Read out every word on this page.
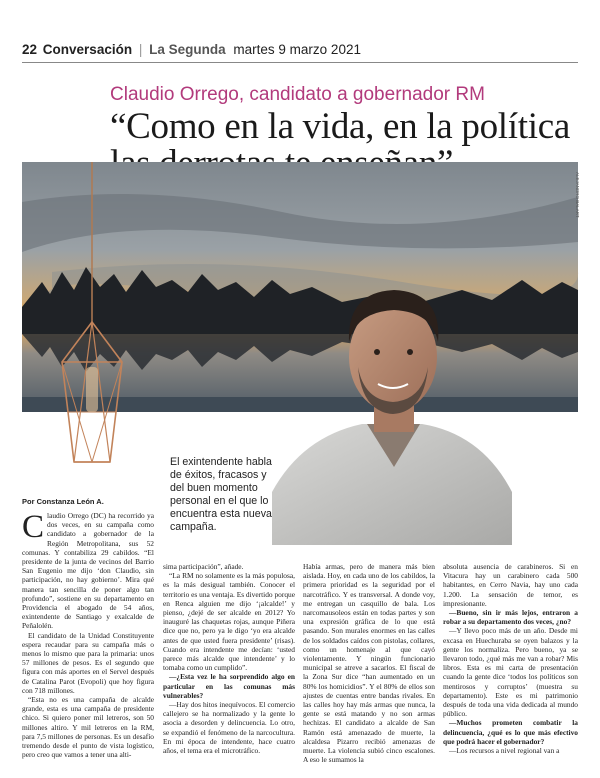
22 Conversación | La Segunda martes 9 marzo 2021
Claudio Orrego, candidato a gobernador RM
“Como en la vida, en la política
ALEJANDRO BALART
El exintendente habla de éxitos, fracasos y del buen momento personal en el que lo encuentra esta nueva campaña.
Por Constanza León A.
C laudio Orrego (DC) ha recorrido ya dos veces, en su campaña como candidato a gobernador de la Región Metropolitana, sus 52 comunas. Y contabiliza 29 cabildos. “El presidente de la junta de vecinos del Barrio San Eugenio me dijo ‘don Claudio, sin participación, no hay gobierno’. Mira qué manera tan sencilla de poner algo tan profundo”, sostiene en su departamento en Providencia el abogado de 54 años, exintendente de Santiago y exalcalde de Peñalolén.

El candidato de la Unidad Constituyente espera recaudar para su campaña más o menos lo mismo que para la primaria: unos 57 millones de pesos. Es el segundo que figura con más aportes en el Servel después de Catalina Parot (Evopoli) que hoy figura con 718 millones.

“Esta no es una campaña de alcalde grande, esta es una campaña de presidente chico. Si quiero poner mil letreros, son 50 millones altiro. Y mil letreros en la RM, para 7,5 millones de personas. Es un desafío tremendo desde el punto de vista logístico, pero creo que vamos a tener una alti-

sima participación”, añade.

“La RM no solamente es la más populosa, es la más desigual también. Conocer el territorio es una ventaja. Es divertido porque en Renca alguien me dijo ‘¡alcalde!’ y pienso, ¿dejé de ser alcalde en 2012? Yo inauguré las chaquetas rojas, aunque Piñera dice que no, pero ya le digo ‘yo era alcalde antes de que usted fuera presidente’ (risas). Cuando era intendente me decían: ‘usted parece más alcalde que intendente’ y lo tomaba como un cumplido”.

—¿Esta vez le ha sorprendido algo en particular en las comunas más vulnerables?

—Hay dos hitos inequívocos. El comercio callejero se ha normalizado y la gente lo asocia a desorden y delincuencia. Lo otro, se expandió el fenómeno de la narcocultura. En mi época de intendente, hace cuatro años, el tema era el microtráfico.

Había armas, pero de manera más bien aislada. Hoy, en cada uno de los cabildos, la primera prioridad es la seguridad por el narcotráfico. Y es transversal. A donde voy, me entregan un casquillo de bala. Los narcomausoleos están en todas partes y son una expresión gráfica de lo que está pasando. Son murales enormes en las calles de los soldados caídos con pistolas, collares, como un homenaje al que cayó violentamente. Y ningún funcionario municipal se atreve a sacarlos. El fiscal de la Zona Sur dice “han aumentado en un 80% los homicidios”. Y el 80% de ellos son ajustes de cuentas entre bandas rivales. En las calles hoy hay más armas que nunca, la gente se está matando y no son armas hechizas. El candidato a alcalde de San Ramón está amenazado de muerte, la alcaldesa Pizarro recibió amenazas de muerte. La violencia subió cinco escalones. A eso le sumamos la

absoluta ausencia de carabineros. Si en Vitacura hay un carabinero cada 500 habitantes, en Cerro Navia, hay uno cada 1.200. La sensación de temor, es impresionante.

—Bueno, sin ir más lejos, entraron a robar a su departamento dos veces, ¿no?

—Y llevo poco más de un año. Desde mi excasa en Huechuraba se oyen balazos y la gente los normaliza. Pero bueno, ya se llevaron todo, ¿qué más me van a robar? Mis libros. Esta es mi carta de presentación cuando la gente dice ‘todos los políticos son mentirosos y corruptos’ (muestra su departamento). Este es mi patrimonio después de toda una vida dedicada al mundo público.

—Muchos prometen combatir la delincuencia, ¿qué es lo que más efectivo que podrá hacer el gobernador?

—Los recursos a nivel regional van a
